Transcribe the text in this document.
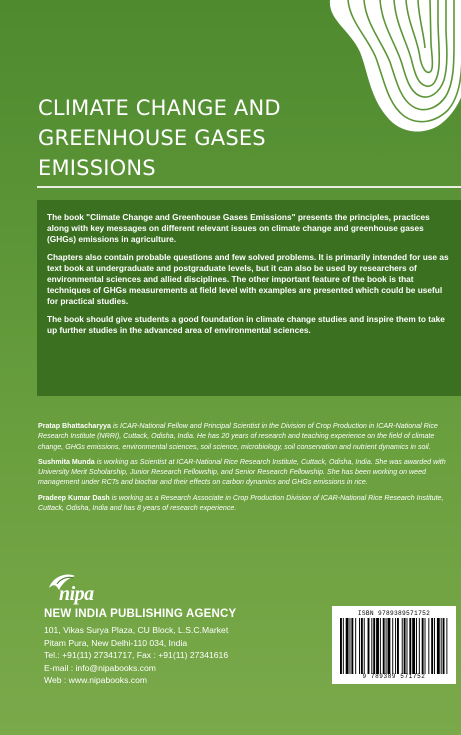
CLIMATE CHANGE AND
GREENHOUSE GASES
EMISSIONS

The book "Climate Change and Greenhouse Gases Emissions" presents the principles, practices along with key messages on different relevant issues on climate change and greenhouse gases (GHGs) emissions in agriculture.

Chapters also contain probable questions and few solved problems. It is primarily intended for use as text book at undergraduate and postgraduate levels, but it can also be used by researchers of environmental sciences and allied disciplines. The other important feature of the book is that techniques of GHGs measurements at field level with examples are presented which could be useful for practical studies.

The book should give students a good foundation in climate change studies and inspire them to take up further studies in the advanced area of environmental sciences.

Pratap Bhattacharyya is ICAR-National Fellow and Principal Scientist in the Division of Crop Production in ICAR-National Rice Research Institute (NRRI), Cuttack, Odisha, India. He has 20 years of research and teaching experience on the field of climate change, GHGs emissions, environmental sciences, soil science, microbiology, soil conservation and nutrient dynamics in soil.

Sushmita Munda is working as Scientist at ICAR-National Rice Research Institute, Cuttack, Odisha, India. She was awarded with University Merit Scholarship, Junior Research Fellowship, and Senior Research Fellowship. She has been working on weed management under RCTs and biochar and their effects on carbon dynamics and GHGs emissions in rice.

Pradeep Kumar Dash is working as a Research Associate in Crop Production Division of ICAR-National Rice Research Institute, Cuttack, Odisha, India and has 8 years of research experience.

nipa
NEW INDIA PUBLISHING AGENCY
101, Vikas Surya Plaza, CU Block, L.S.C.Market
Pitam Pura, New Delhi-110 034, India
Tel.: +91(11) 27341717, Fax : +91(11) 27341616
E-mail : info@nipabooks.com
Web : www.nipabooks.com
ISBN 9789389571752
9 789389 571752
